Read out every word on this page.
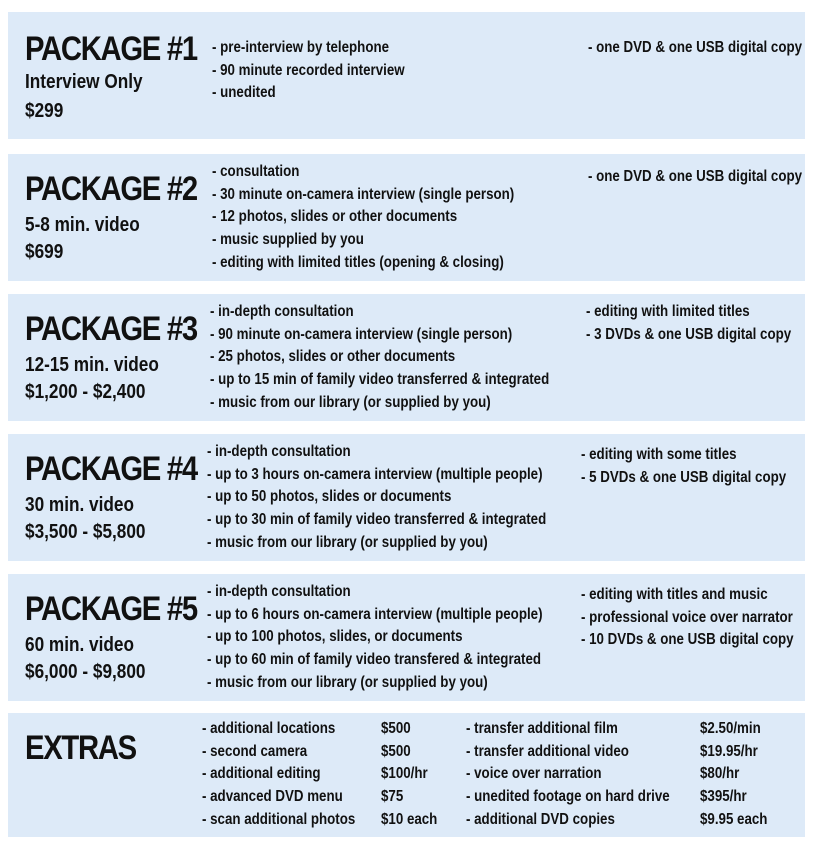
PACKAGE #1
Interview Only
$299
- pre-interview by telephone
- 90 minute recorded interview
- unedited
- one DVD & one USB digital copy
PACKAGE #2
5-8 min. video
$699
- consultation
- 30 minute on-camera interview (single person)
- 12 photos, slides or other documents
- music supplied by you
- editing with limited titles (opening & closing)
- one DVD & one USB digital copy
PACKAGE #3
12-15 min. video
$1,200 - $2,400
- in-depth consultation
- 90 minute on-camera interview (single person)
- 25 photos, slides or other documents
- up to 15 min of family video transferred & integrated
- music from our library (or supplied by you)
- editing with limited titles
- 3 DVDs & one USB digital copy
PACKAGE #4
30 min. video
$3,500 - $5,800
- in-depth consultation
- up to 3 hours on-camera interview (multiple people)
- up to 50 photos, slides or documents
- up to 30 min of family video transferred & integrated
- music from our library (or supplied by you)
- editing with some titles
- 5 DVDs & one USB digital copy
PACKAGE #5
60 min. video
$6,000 - $9,800
- in-depth consultation
- up to 6 hours on-camera interview (multiple people)
- up to 100 photos, slides, or documents
- up to 60 min of family video transfered & integrated
- music from our library (or supplied by you)
- editing with titles and music
- professional voice over narrator
- 10 DVDs & one USB digital copy
EXTRAS
- additional locations
- second camera
- additional editing
- advanced DVD menu
- scan additional photos
$500
$500
$100/hr
$75
$10 each
- transfer additional film
- transfer additional video
- voice over narration
- unedited footage on hard drive
- additional DVD copies
$2.50/min
$19.95/hr
$80/hr
$395/hr
$9.95 each
